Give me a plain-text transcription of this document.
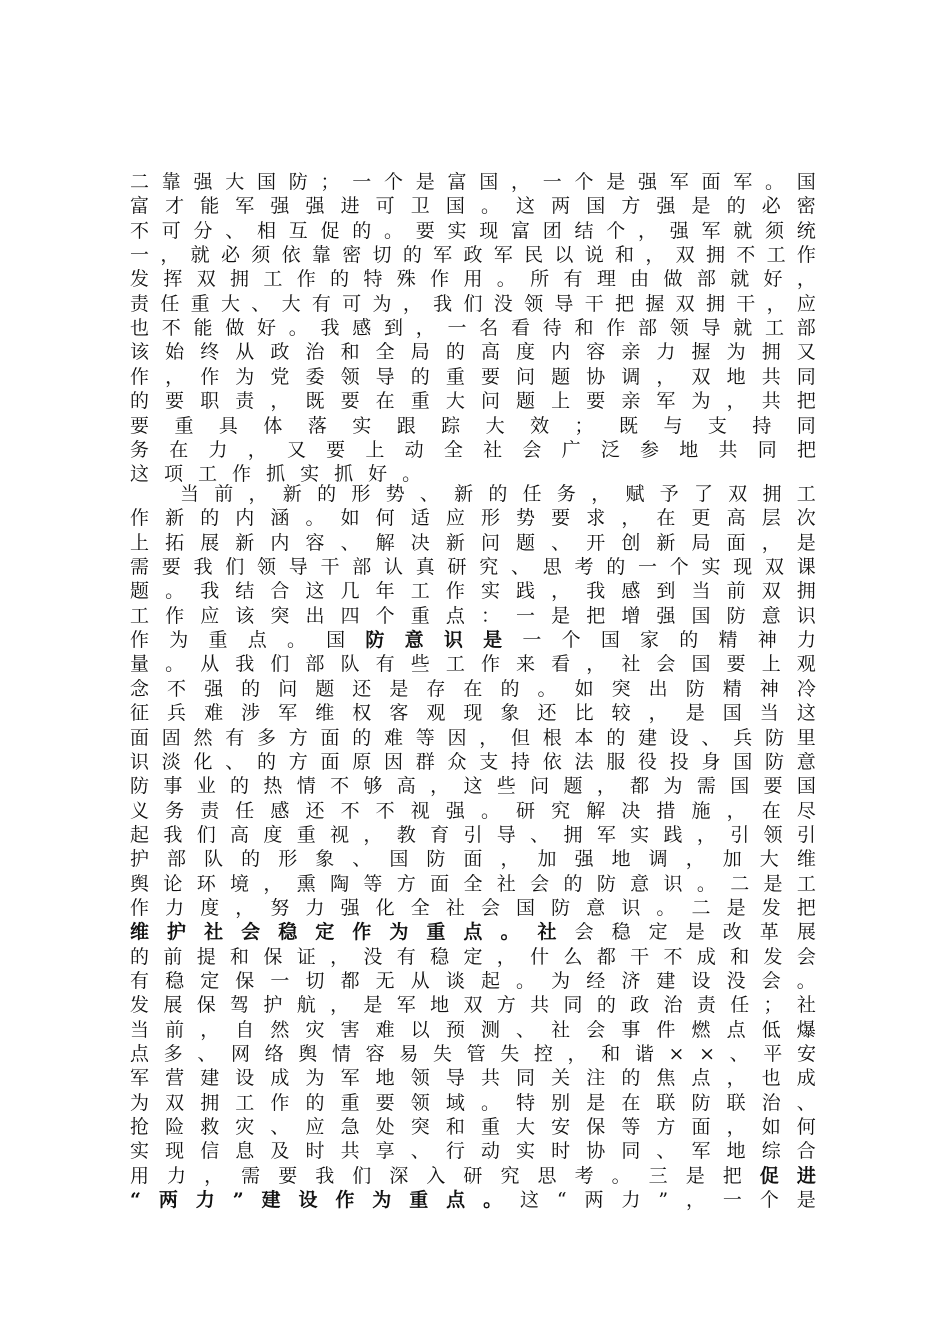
二 靠 强 大 国 防 ； 一 个 是 富 国 ， 一 个 是 强 军 面 军 。 国
富 才 能 军 强 强 进 可 卫 国 。 这 两 国 方 强 是 的 必 密
不 可 分 、 相 互 促 的 。 要 实 现 富 团 结 个 ， 强 军 就 须 统
一 ， 就 必 须 依 靠 密 切 的 军 政 军 民 以 说 和 ， 双 拥 不 工 作
发 挥 双 拥 工 作 的 特 殊 作 用 。 所 有 理 由 做 部 就 好 ，
责 任 重 大 、 大 有 可 为 ， 我 们 没 领 导 干 把 握 双 拥 干 ， 应
也 不 能 做 好 。 我 感 到 ， 一 名 看 待 和 作 部 领 导 就 工 部
该 始 终 从 政 治 和 全 局 的 高 度 内 容 亲 力 握 为 拥 又
作 ， 作 为 党 委 领 导 的 重 要 问 题 协 调 ， 双 地 共 同
的 要 职 责 ， 既 要 在 重 大 问 题 上 要 亲 军 为 ， 共 把
要 重 具 体 落 实 跟 踪 大 效 ； 既 与 支 持 同
务 在 力 ， 又 要 上 动 全 社 会 广 泛 参 地 共 同 把
这 项 工 作 抓 实 抓 好 。
当 前 ， 新 的 形 势 、 新 的 任 务 ， 赋 予 了 双 拥 工
作 新 的 内 涵 。 如 何 适 应 形 势 要 求 ， 在 更 高 层 次
上 拓 展 新 内 容 、 解 决 新 问 题 、 开 创 新 局 面 ， 是
需 要 我 们 领 导 干 部 认 真 研 究 、 思 考 的 一 个 实 现 双 课
题 。 我 结 合 这 几 年 工 作 实 践 ， 我 感 到 当 前 双 拥
工 作 应 该 突 出 四 个 重 点 ： 一 是 把 增 强 国 防 意 识
作 为 重 点 。 国 防 意 识 是 一 个 国 家 的 精 神 力
量 。 从 我 们 部 队 有 些 工 作 来 看 ， 社 会 国 要 上 观
念 不 强 的 问 题 还 是 存 在 的 。 如 突 出 防 精 神 冷
征 兵 难 涉 军 维 权 客 观 现 象 还 比 较 ， 是 国 当 这
面 固 然 有 多 方 面 的 难 等 因 ， 但 根 本 的 建 设 、 兵 防 里
识 淡 化 、 的 方 面 原 因 群 众 支 持 依 法 服 役 投 身 国 防 意
防 事 业 的 热 情 不 够 高 ， 这 些 问 题 ， 都 为 需 国 要 国
义 务 责 任 感 还 不 不 视 强 。 研 究 解 决 措 施 ， 在 尽
起 我 们 高 度 重 视 ， 教 育 引 导 、 拥 军 实 践 ， 引 领 引
护 部 队 的 形 象 、 国 防 面 ， 加 强 地 调 ， 加 大 维
舆 论 环 境 ， 熏 陶 等 方 面 全 社 会 的 防 意 识 。 二 是 工
作 力 度 ， 努 力 强 化 全 社 会 国 防 意 识 。 二 是 发 把
维 护 社 会 稳 定 作 为 重 点 。 社 会 稳 定 是 改 革 展
的 前 提 和 保 证 ， 没 有 稳 定 ， 什 么 都 干 不 成 和 发 会
有 稳 定 保 一 切 都 无 从 谈 起 。 为 经 济 建 设 没 会 。
发 展 保 驾 护 航 ， 是 军 地 双 方 共 同 的 政 治 责 任 ； 社
当 前 ， 自 然 灾 害 难 以 预 测 、 社 会 事 件 燃 点 低 爆
点 多 、 网 络 舆 情 容 易 失 管 失 控 ， 和 谐 × × 、 平 安
军 营 建 设 成 为 军 地 领 导 共 同 关 注 的 焦 点 ， 也 成
为 双 拥 工 作 的 重 要 领 域 。 特 别 是 在 联 防 联 治 、
抢 险 救 灾 、 应 急 处 突 和 重 大 安 保 等 方 面 ， 如 何
实 现 信 息 及 时 共 享 、 行 动 实 时 协 同 、 军 地 综 合
用 力 ， 需 要 我 们 深 入 研 究 思 考 。 三 是 把 促 进
“ 两 力 ” 建 设 作 为 重 点 。 这 “ 两 力 ” ， 一 个 是
